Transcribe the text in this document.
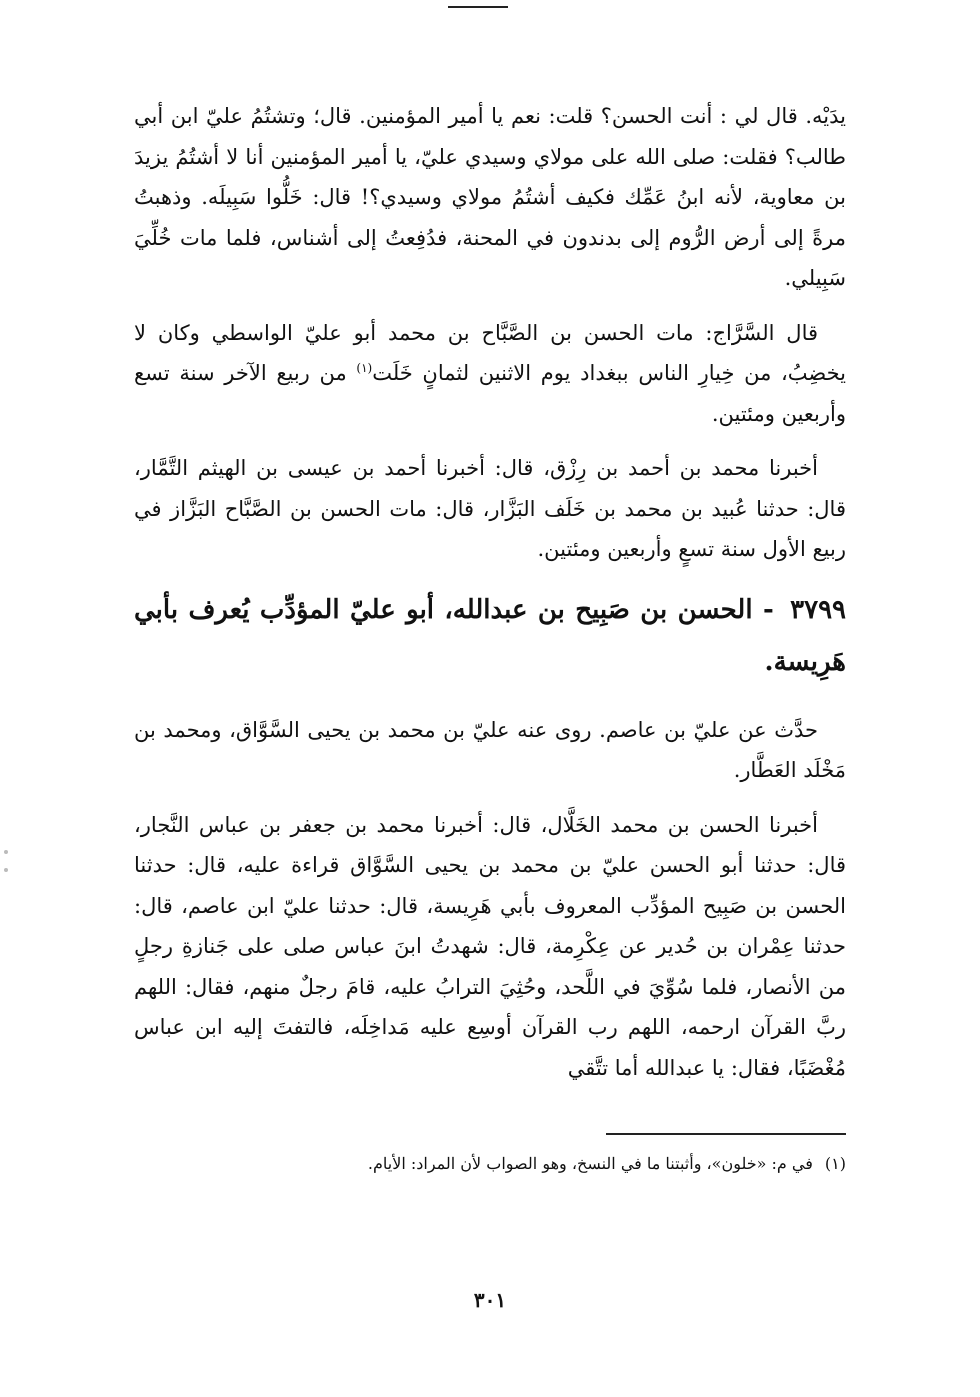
يدَيْه. قال لي : أنت الحسن؟ قلت: نعم يا أمير المؤمنين. قال؛ وتشتُمُ عليّ ابن أبي طالب؟ فقلت: صلى الله على مولاي وسيدي عليّ، يا أمير المؤمنين أنا لا أشتُمُ يزيدَ بن معاوية، لأنه ابنُ عَمِّك فكيف أشتُمُ مولاي وسيدي؟! قال: خَلُّوا سَبِيلَه. وذهبتُ مرةً إلى أرض الرُّوم إلى بدندون في المحنة، فدُفِعتُ إلى أشناس، فلما مات خُلِّيَ سَبِيلي.

قال السَّرَّاج: مات الحسن بن الصَّبَّاح بن محمد أبو عليّ الواسطي وكان لا يخضِبُ، من خِيارِ الناس ببغداد يوم الاثنين لثمانٍ خَلَت$^{(١)}$ من ربيع الآخر سنة تسع وأربعين ومئتين.

أخبرنا محمد بن أحمد بن رِزْق، قال: أخبرنا أحمد بن عيسى بن الهيثم التَّمَّار، قال: حدثنا عُبيد بن محمد بن خَلَف البَزَّار، قال: مات الحسن بن الصَّبَّاح البَزَّاز في ربيع الأول سنة تسعٍ وأربعين ومئتين.

٣٧٩٩ - الحسن بن صَبِيح بن عبدالله، أبو عليّ المؤدِّب يُعرف بأبي هَرِيسة.

حدَّث عن عليّ بن عاصم. روى عنه عليّ بن محمد بن يحيى السَّوَّاق، ومحمد بن مَخْلَد العَطَّار.

أخبرنا الحسن بن محمد الخَلَّال، قال: أخبرنا محمد بن جعفر بن عباس النَّجار، قال: حدثنا أبو الحسن عليّ بن محمد بن يحيى السَّوَّاق قراءة عليه، قال: حدثنا الحسن بن صَبِيح المؤدِّب المعروف بأبي هَرِيسة، قال: حدثنا عليّ ابن عاصم، قال: حدثنا عِمْران بن حُدير عن عِكْرِمة، قال: شهدتُ ابنَ عباس صلى على جَنازةِ رجلٍ من الأنصار، فلما سُوِّيَ في اللَّحد، وحُثِيَ الترابُ عليه، قامَ رجلٌ منهم، فقال: اللهم ربَّ القرآن ارحمه، اللهم رب القرآن أوسِع عليه مَداخِلَه، فالتفتَ إليه ابن عباس مُغْضَبًا، فقال: يا عبدالله أما تتَّقي

(١)في م: «خلون»، وأثبتنا ما في النسخ، وهو الصواب لأن المراد: الأيام.
٣٠١
